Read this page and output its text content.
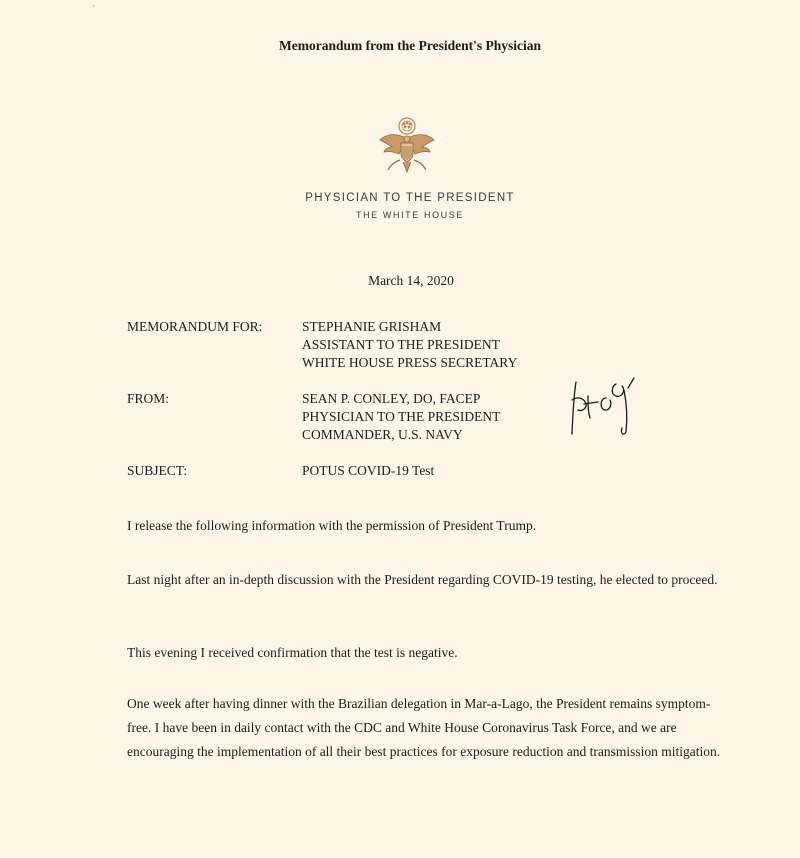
·
Memorandum from the President's Physician
PHYSICIAN TO THE PRESIDENT
THE WHITE HOUSE
March 14, 2020
MEMORANDUM FOR:	STEPHANIE GRISHAM
ASSISTANT TO THE PRESIDENT
WHITE HOUSE PRESS SECRETARY
FROM:	SEAN P. CONLEY, DO, FACEP
PHYSICIAN TO THE PRESIDENT
COMMANDER, U.S. NAVY
SUBJECT:	POTUS COVID-19 Test

I release the following information with the permission of President Trump.

Last night after an in-depth discussion with the President regarding COVID-19 testing, he elected to proceed.

This evening I received confirmation that the test is negative.

One week after having dinner with the Brazilian delegation in Mar-a-Lago, the President remains symptom-free. I have been in daily contact with the CDC and White House Coronavirus Task Force, and we are encouraging the implementation of all their best practices for exposure reduction and transmission mitigation.
